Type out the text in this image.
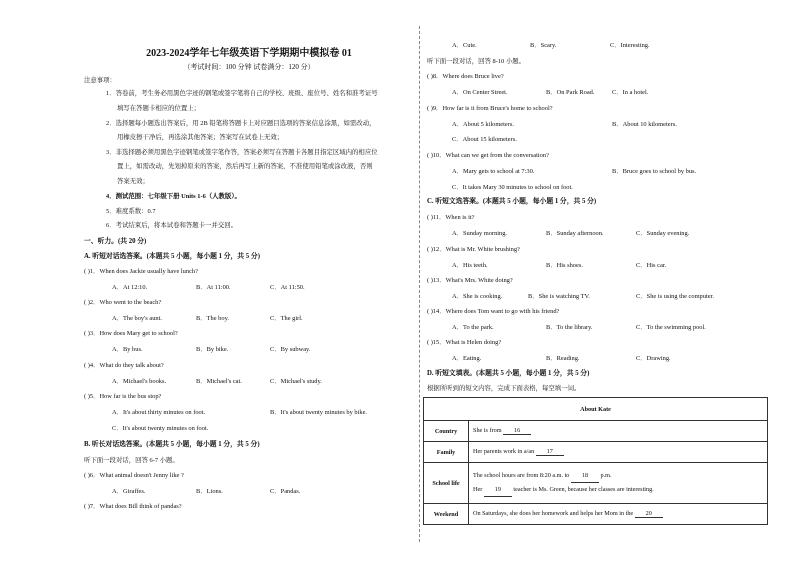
2023-2024学年七年级英语下学期期中模拟卷 01
（考试时间：100 分钟 试卷满分：120 分）
注意事项：
1．答卷前，考生务必用黑色字迹的钢笔或签字笔将自己的学校、班级、座位号、姓名和准考证号
填写在答题卡相应的位置上；
2．选择题每小题选出答案后，用 2B 铅笔将答题卡上对应题目选项的答案信息涂黑，如需改动，
用橡皮擦干净后，再选涂其他答案；答案写在试卷上无效；
3．非选择题必须用黑色字迹钢笔或签字笔作答，答案必须写在答题卡各题目指定区域内的相应位
置上，如需改动，先划掉原来的答案，然后再写上新的答案，不准使用铅笔或涂改液，否则
答案无效；
4．测试范围：七年级下册 Units 1-6（人教版）。
5．难度系数：0.7
6．考试结束后，将本试卷和答题卡一并交回。
一、听力。(共 20 分)
A. 听短对话选答案。(本题共 5 小题，每小题 1 分，共 5 分)
( )1．When does Jackie usually have lunch?
A．At 12:10.	B．At 11:00.	C．At 11:50.
( )2．Who went to the beach?
A．The boy's aunt.	B．The boy.	C．The girl.
( )3．How does Mary get to school?
A．By bus.	B．By bike.	C．By subway.
( )4．What do they talk about?
A．Michael's books.	B．Michael's cat.	C．Michael's study.
( )5．How far is the bus stop?
A．It's about thirty minutes on foot.	B．It's about twenty minutes by bike.
C．It's about twenty minutes on foot.
B. 听长对话选答案。(本题共 5 小题，每小题 1 分，共 5 分)
听下面一段对话，回答 6-7 小题。
( )6．What animal doesn't Jenny like ?
A．Giraffes.	B．Lions.	C．Pandas.
( )7．What does Bill think of pandas?
A．Cute.	B．Scary.	C．Interesting.
听下面一段对话，回答 8-10 小题。
( )8．Where does Bruce live?
A．On Center Street.	B．On Park Road.	C．In a hotel.
( )9．How far is it from Bruce's home to school?
A．About 5 kilometers.	B．About 10 kilometers.
C．About 15 kilometers.
( )10．What can we get from the conversation?
A．Mary gets to school at 7:30.	B．Bruce goes to school by bus.
C．It takes Mary 30 minutes to school on foot.
C. 听短文选答案。(本题共 5 小题，每小题 1 分，共 5 分)
( )11．When is it?
A．Sunday morning.	B．Sunday afternoon.	C．Sunday evening.
( )12．What is Mr. White brushing?
A．His teeth.	B．His shoes.	C．His car.
( )13．What's Mrs. White doing?
A．She is cooking.	B．She is watching TV.	C．She is using the computer.
( )14．Where does Tom want to go with his friend?
A．To the park.	B．To the library.	C．To the swimming pool.
( )15．What is Helen doing?
A．Eating.	B．Reading.	C．Drawing.
D. 听短文填表。(本题共 5 小题，每小题 1 分，共 5 分)
根据所听到的短文内容，完成下面表格，每空填一词。
About Kate	
Country	She is from 16
Family	Her parents work in a/an 17
School life	The school hours are from 8:20 a.m. to 18 p.m.
Her 19 teacher is Ms. Green, because her classes are interesting.

Weekend	On Saturdays, she does her homework and helps her Mom in the 20
